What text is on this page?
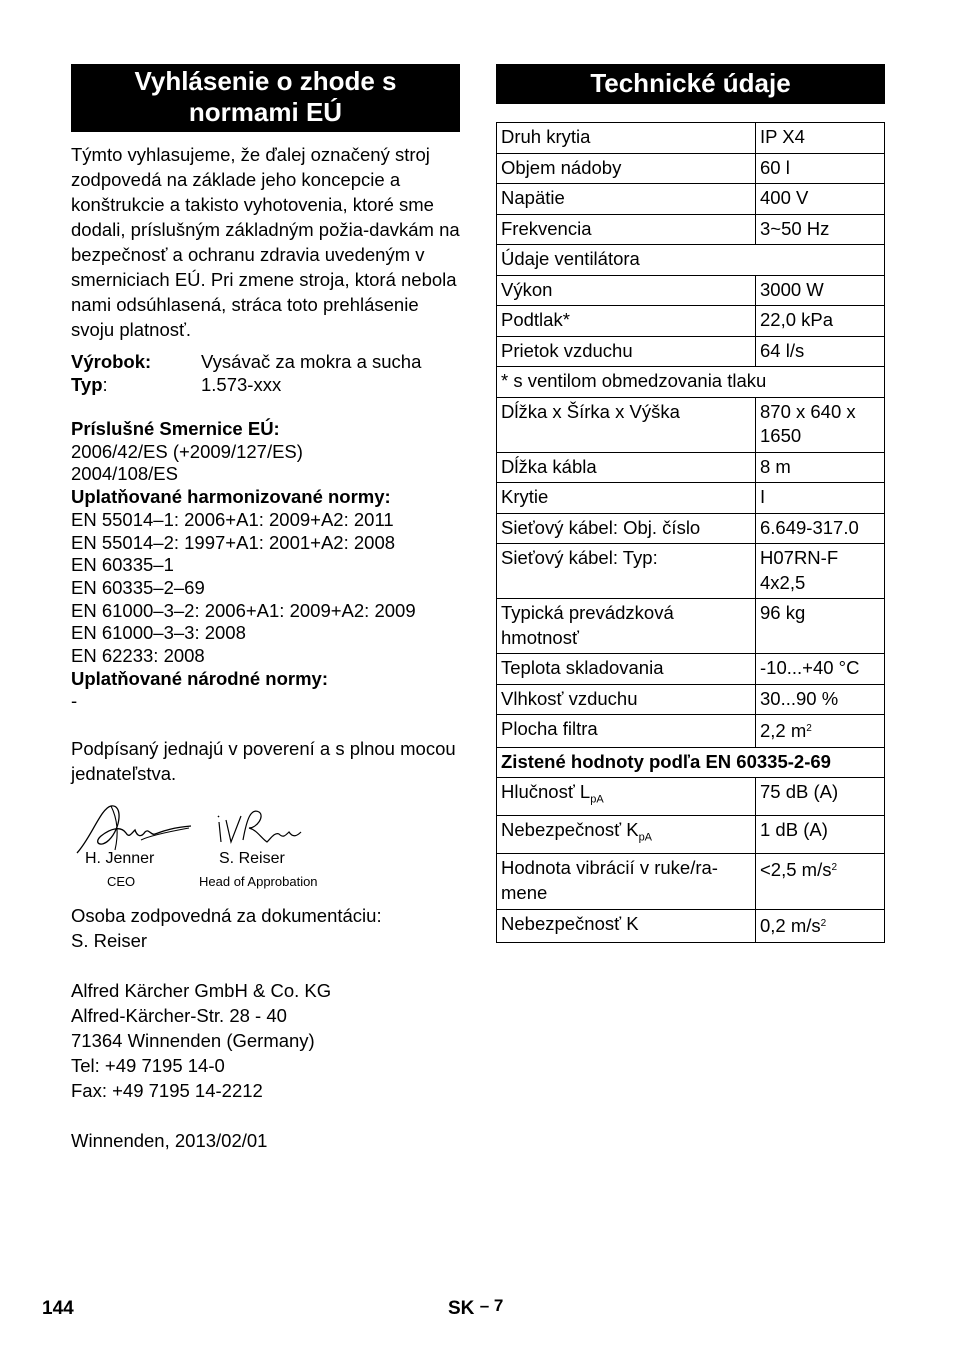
Vyhlásenie o zhode s normami EÚ
Týmto vyhlasujeme, že ďalej označený stroj zodpovedá na základe jeho koncepcie a konštrukcie a takisto vyhotovenia, ktoré sme dodali, príslušným základným požia-davkám na bezpečnosť a ochranu zdravia uvedeným v smerniciach EÚ. Pri zmene stroja, ktorá nebola nami odsúhlasená, stráca toto prehlásenie svoju platnosť.
Výrobok:	Vysávač za mokra a sucha
Typ:	1.573-xxx
Príslušné Smernice EÚ:
2006/42/ES (+2009/127/ES)
2004/108/ES
Uplatňované harmonizované normy:
EN 55014–1: 2006+A1: 2009+A2: 2011
EN 55014–2: 1997+A1: 2001+A2: 2008
EN 60335–1
EN 60335–2–69
EN 61000–3–2: 2006+A1: 2009+A2: 2009
EN 61000–3–3: 2008
EN 62233: 2008
Uplatňované národné normy:
-
Podpísaný jednajú v poverení a s plnou mocou jednateľstva.
H. Jenner
CEO
S. Reiser
Head of Approbation
Osoba zodpovedná za dokumentáciu:
S. Reiser
Alfred Kärcher GmbH & Co. KG
Alfred-Kärcher-Str. 28 - 40
71364 Winnenden (Germany)
Tel: +49 7195 14-0
Fax: +49 7195 14-2212
Winnenden, 2013/02/01
Technické údaje
Druh krytia	IP X4
Objem nádoby	60 l
Napätie	400 V
Frekvencia	3~50 Hz
Údaje ventilátora	
Výkon	3000 W
Podtlak*	22,0 kPa
Prietok vzduchu	64 l/s
* s ventilom obmedzovania tlaku	
Dĺžka x Šírka x Výška	870 x 640 x 1650
Dĺžka kábla	8 m
Krytie	I
Sieťový kábel: Obj. číslo	6.649-317.0
Sieťový kábel: Typ:	H07RN-F 4x2,5
Typická prevádzková hmotnosť	96 kg
Teplota skladovania	-10...+40 °C
Vlhkosť vzduchu	30...90 %
Plocha filtra	2,2 $m^2$
Zistené hodnoty podľa EN 60335-2-69	
Hlučnosť $L_{pA}$	75 dB (A)
Nebezpečnosť $K_{pA}$	1 dB (A)
Hodnota vibrácií v ruke/ra-mene	<2,5 $m/s^2$
Nebezpečnosť K	0,2 $m/s^2$
144	SK – 7
